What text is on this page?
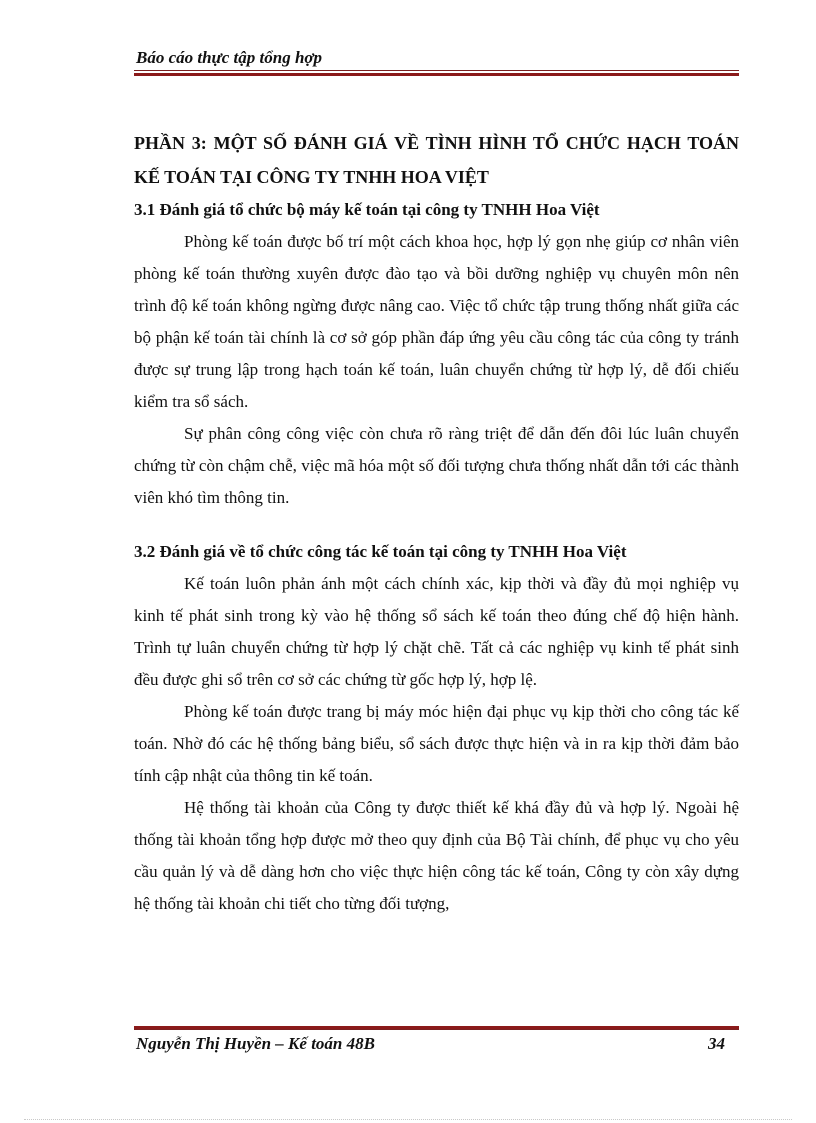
Báo cáo thực tập tổng hợp

PHẦN 3: MỘT SỐ ĐÁNH GIÁ VỀ TÌNH HÌNH TỔ CHỨC HẠCH TOÁN KẾ TOÁN TẠI CÔNG TY TNHH HOA VIỆT

3.1 Đánh giá tổ chức bộ máy kế toán tại công ty TNHH Hoa Việt

Phòng kế toán được bố trí một cách khoa học, hợp lý gọn nhẹ giúp cơ nhân viên phòng kế toán thường xuyên được đào tạo và bồi dưỡng nghiệp vụ chuyên môn nên trình độ kế toán không ngừng được nâng cao. Việc tổ chức tập trung thống nhất giữa các bộ phận kế toán tài chính là cơ sở góp phần đáp ứng yêu cầu công tác của công ty tránh được sự trung lập trong hạch toán kế toán, luân chuyển chứng từ hợp lý, dễ đối chiếu kiểm tra sổ sách.

Sự phân công công việc còn chưa rõ ràng triệt để dẫn đến đôi lúc luân chuyển chứng từ còn chậm chễ, việc mã hóa một số đối tượng chưa thống nhất dẫn tới các thành viên khó tìm thông tin.

3.2 Đánh giá về tổ chức công tác kế toán tại công ty TNHH Hoa Việt

Kế toán luôn phản ánh một cách chính xác, kịp thời và đầy đủ mọi nghiệp vụ kinh tế phát sinh trong kỳ vào hệ thống sổ sách kế toán theo đúng chế độ hiện hành. Trình tự luân chuyển chứng từ hợp lý chặt chẽ. Tất cả các nghiệp vụ kinh tế phát sinh đều được ghi sổ trên cơ sở các chứng từ gốc hợp lý, hợp lệ.

Phòng kế toán được trang bị máy móc hiện đại phục vụ kịp thời cho công tác kế toán. Nhờ đó các hệ thống bảng biểu, sổ sách được thực hiện và in ra kịp thời đảm bảo tính cập nhật của thông tin kế toán.

Hệ thống tài khoản của Công ty được thiết kế khá đầy đủ và hợp lý. Ngoài hệ thống tài khoản tổng hợp được mở theo quy định của Bộ Tài chính, để phục vụ cho yêu cầu quản lý và dễ dàng hơn cho việc thực hiện công tác kế toán, Công ty còn xây dựng hệ thống tài khoản chi tiết cho từng đối tượng,

Nguyễn Thị Huyền – Kế toán 48B	34
